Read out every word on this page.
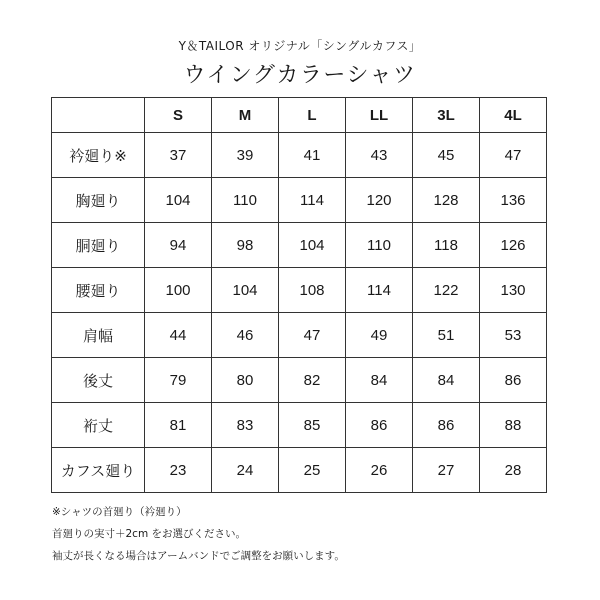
Y＆TAILOR オリジナル「シングルカフス」
ウイングカラーシャツ
	S	M	L	LL	3L	4L
衿廻り※	37	39	41	43	45	47
胸廻り	104	110	114	120	128	136
胴廻り	94	98	104	110	118	126
腰廻り	100	104	108	114	122	130
肩幅	44	46	47	49	51	53
後丈	79	80	82	84	84	86
裄丈	81	83	85	86	86	88
カフス廻り	23	24	25	26	27	28
※シャツの首廻り（衿廻り）
首廻りの実寸＋2cm をお選びください。
袖丈が長くなる場合はアームバンドでご調整をお願いします。
